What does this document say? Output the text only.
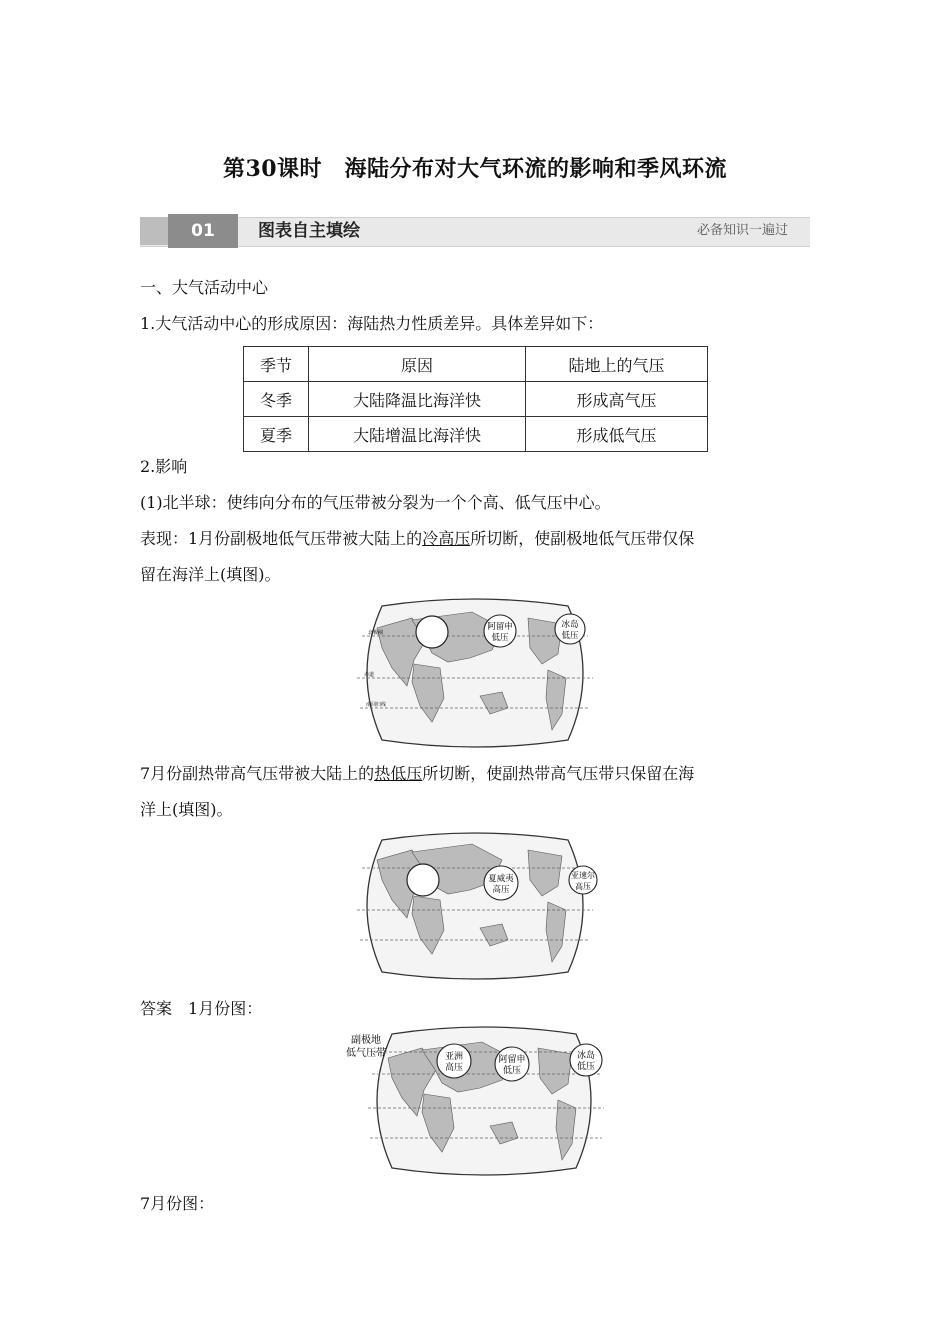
第30课时　海陆分布对大气环流的影响和季风环流
01	图表自主填绘	必备知识一遍过
一、大气活动中心
1.大气活动中心的形成原因：海陆热力性质差异。具体差异如下：
季节	原因	陆地上的气压
冬季	大陆降温比海洋快	形成高气压
夏季	大陆增温比海洋快	形成低气压
2.影响
(1)北半球：使纬向分布的气压带被分裂为一个个高、低气压中心。
表现：1月份副极地低气压带被大陆上的冷高压所切断，使副极地低气压带仅保
留在海洋上(填图)。
阿留申
低压
冰岛
低压
北极圈
赤道
南回归线
7月份副热带高气压带被大陆上的热低压所切断，使副热带高气压带只保留在海
洋上(填图)。
夏威夷
高压
亚速尔
高压
答案　 1月份图：
副极地
低气压带	亚洲
高压
阿留申
低压
冰岛
低压
7月份图：
